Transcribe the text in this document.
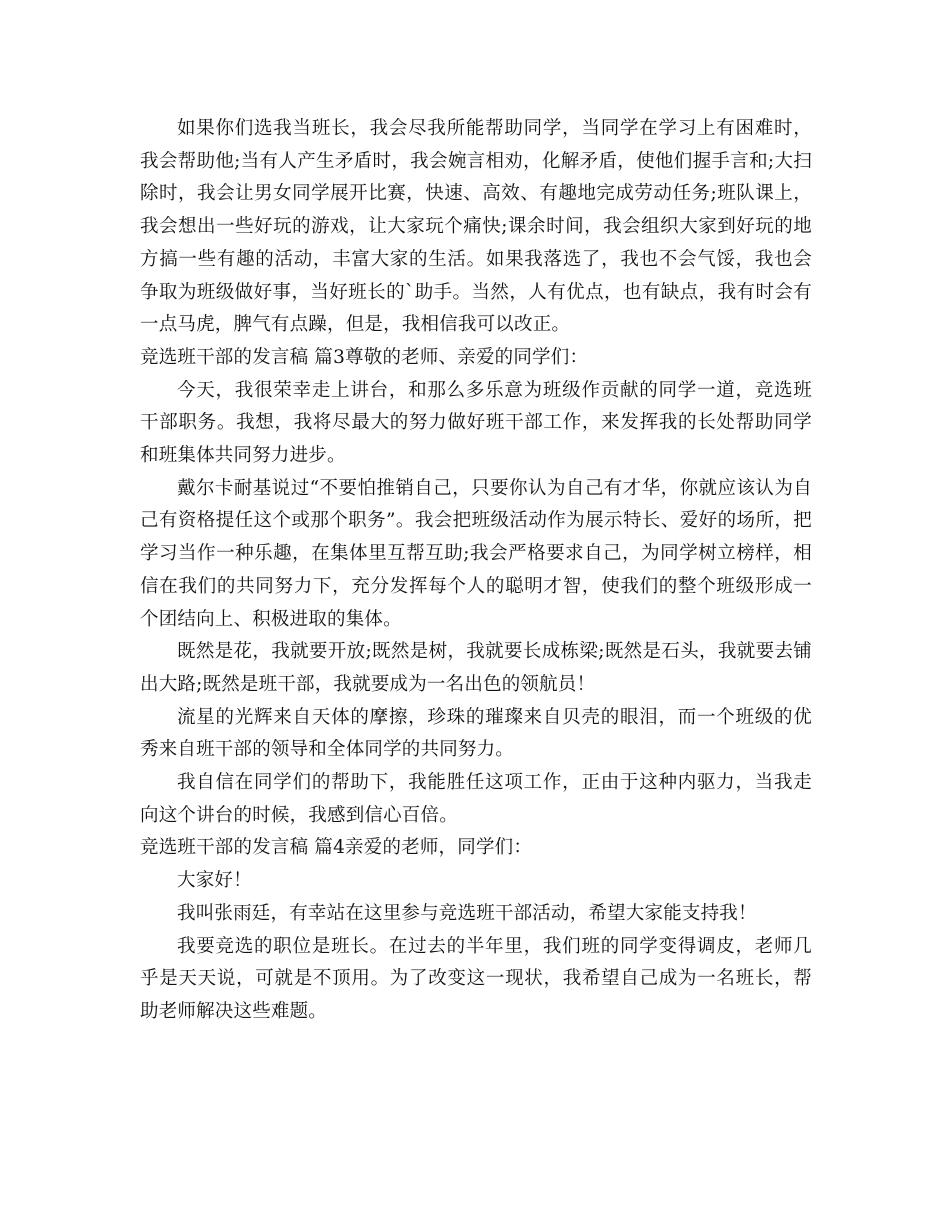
如果你们选我当班长，我会尽我所能帮助同学，当同学在学习上有困难时，我会帮助他;当有人产生矛盾时，我会婉言相劝，化解矛盾，使他们握手言和;大扫除时，我会让男女同学展开比赛，快速、高效、有趣地完成劳动任务;班队课上，我会想出一些好玩的游戏，让大家玩个痛快;课余时间，我会组织大家到好玩的地方搞一些有趣的活动，丰富大家的生活。如果我落选了，我也不会气馁，我也会争取为班级做好事，当好班长的`助手。当然，人有优点，也有缺点，我有时会有一点马虎，脾气有点躁，但是，我相信我可以改正。

竞选班干部的发言稿 篇3尊敬的老师、亲爱的同学们：

今天，我很荣幸走上讲台，和那么多乐意为班级作贡献的同学一道，竞选班干部职务。我想，我将尽最大的努力做好班干部工作，来发挥我的长处帮助同学和班集体共同努力进步。

戴尔卡耐基说过“不要怕推销自己，只要你认为自己有才华，你就应该认为自己有资格提任这个或那个职务”。我会把班级活动作为展示特长、爱好的场所，把学习当作一种乐趣，在集体里互帮互助;我会严格要求自己，为同学树立榜样，相信在我们的共同努力下，充分发挥每个人的聪明才智，使我们的整个班级形成一个团结向上、积极进取的集体。

既然是花，我就要开放;既然是树，我就要长成栋梁;既然是石头，我就要去铺出大路;既然是班干部，我就要成为一名出色的领航员！

流星的光辉来自天体的摩擦，珍珠的璀璨来自贝壳的眼泪，而一个班级的优秀来自班干部的领导和全体同学的共同努力。

我自信在同学们的帮助下，我能胜任这项工作，正由于这种内驱力，当我走向这个讲台的时候，我感到信心百倍。

竞选班干部的发言稿 篇4亲爱的老师，同学们：

大家好！

我叫张雨廷，有幸站在这里参与竞选班干部活动，希望大家能支持我！

我要竞选的职位是班长。在过去的半年里，我们班的同学变得调皮，老师几乎是天天说，可就是不顶用。为了改变这一现状，我希望自己成为一名班长，帮助老师解决这些难题。
